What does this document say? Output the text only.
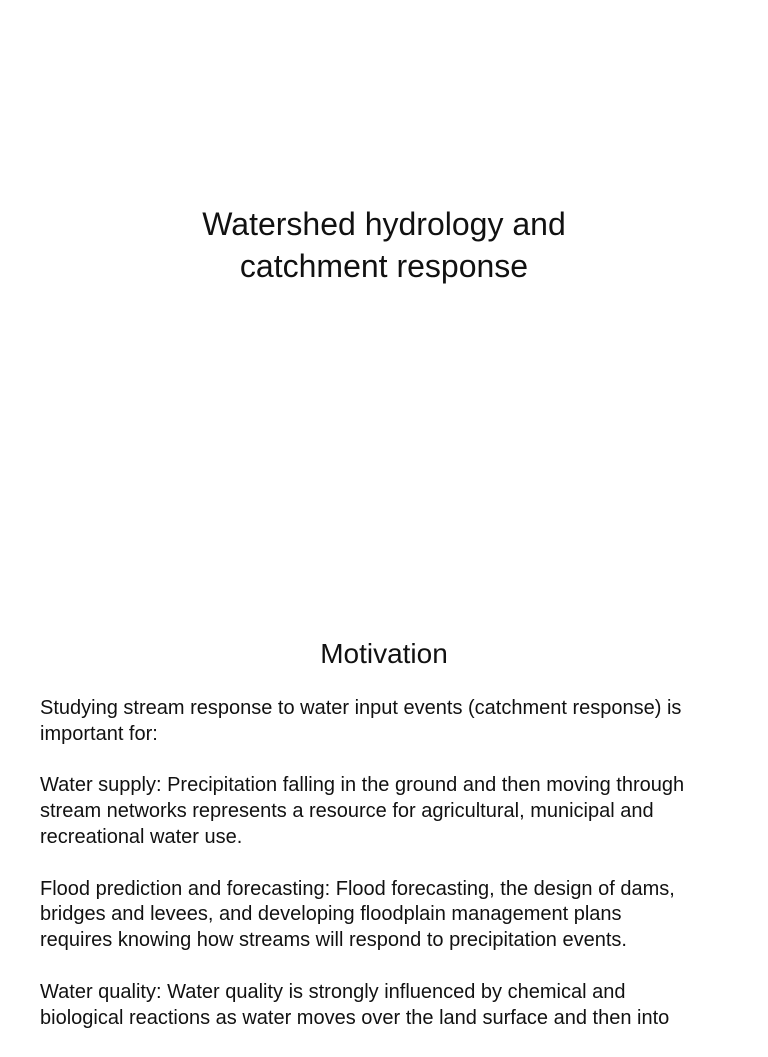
Watershed hydrology and
catchment response
Motivation

Studying stream response to water input events (catchment response) is
important for:

Water supply: Precipitation falling in the ground and then moving through
stream networks represents a resource for agricultural, municipal and
recreational water use.

Flood prediction and forecasting: Flood forecasting, the design of dams,
bridges and levees, and developing floodplain management plans
requires knowing how streams will respond to precipitation events.

Water quality: Water quality is strongly influenced by chemical and
biological reactions as water moves over the land surface and then into
